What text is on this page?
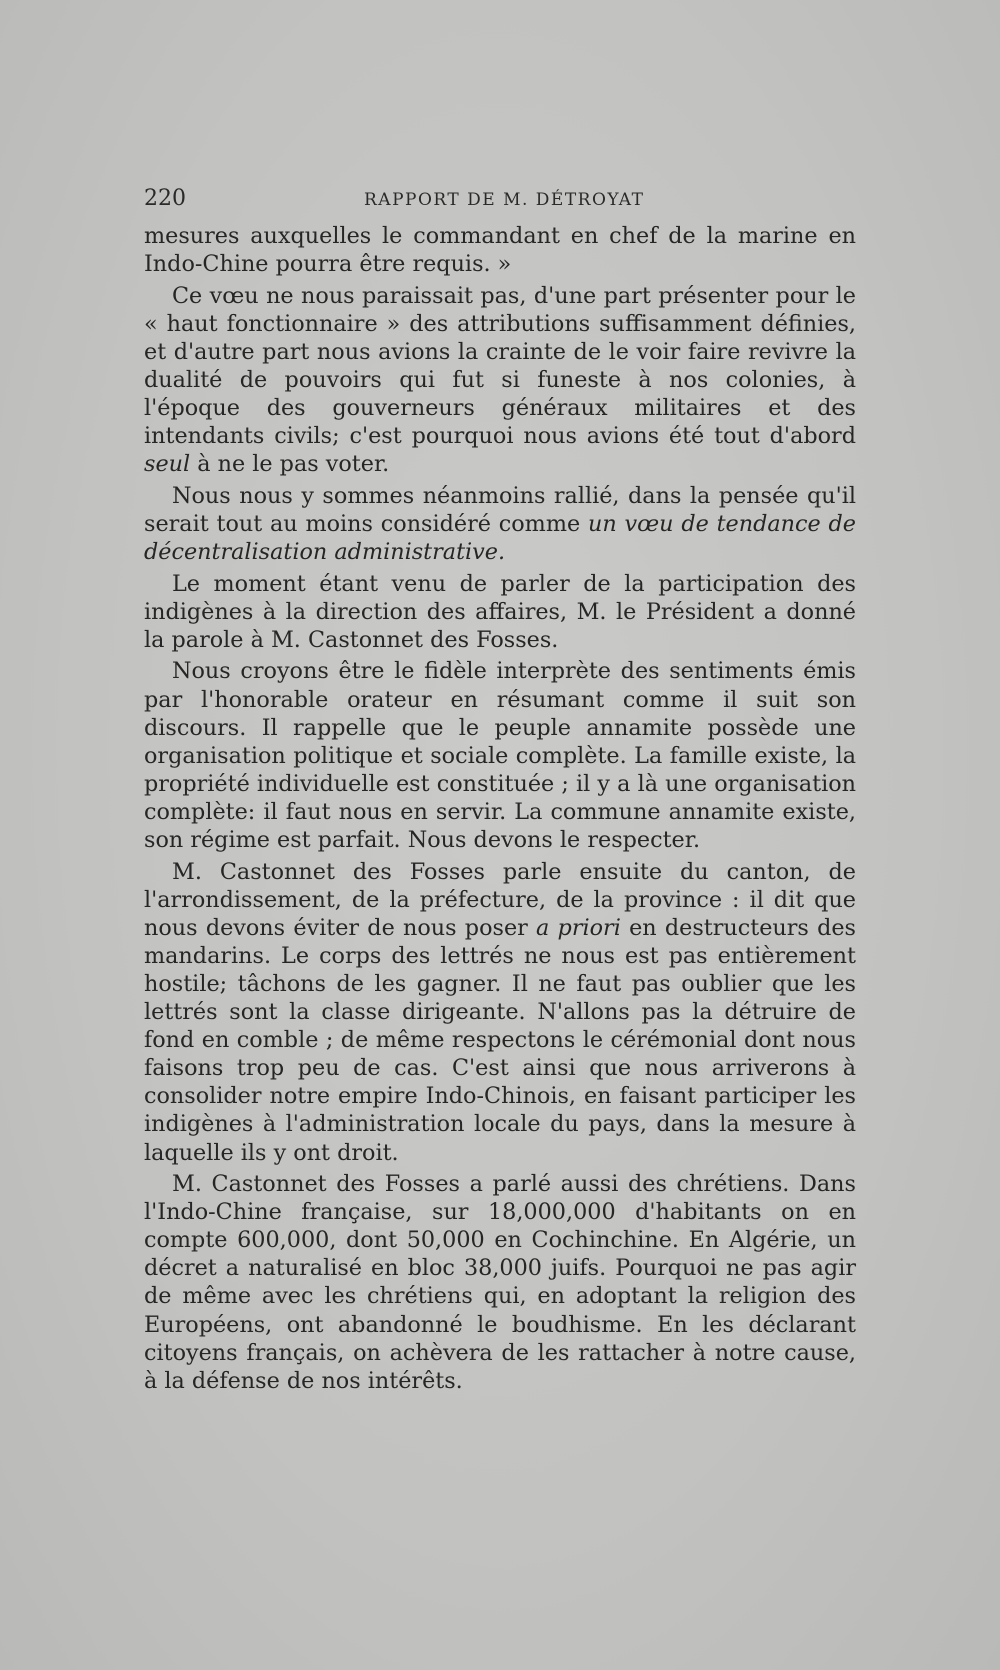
220	RAPPORT DE M. DÉTROYAT

mesures auxquelles le commandant en chef de la marine en Indo-Chine pourra être requis. »

Ce vœu ne nous paraissait pas, d'une part présenter pour le « haut fonctionnaire » des attributions suffisamment définies, et d'autre part nous avions la crainte de le voir faire revivre la dualité de pouvoirs qui fut si funeste à nos colonies, à l'époque des gouverneurs généraux militaires et des intendants civils; c'est pourquoi nous avions été tout d'abord seul à ne le pas voter.

Nous nous y sommes néanmoins rallié, dans la pensée qu'il serait tout au moins considéré comme un vœu de tendance de décentralisation administrative.

Le moment étant venu de parler de la participation des indigènes à la direction des affaires, M. le Président a donné la parole à M. Castonnet des Fosses.

Nous croyons être le fidèle interprète des sentiments émis par l'honorable orateur en résumant comme il suit son discours. Il rappelle que le peuple annamite possède une organisation politique et sociale complète. La famille existe, la propriété individuelle est constituée ; il y a là une organisation complète: il faut nous en servir. La commune annamite existe, son régime est parfait. Nous devons le respecter.

M. Castonnet des Fosses parle ensuite du canton, de l'arrondissement, de la préfecture, de la province : il dit que nous devons éviter de nous poser a priori en destructeurs des mandarins. Le corps des lettrés ne nous est pas entièrement hostile; tâchons de les gagner. Il ne faut pas oublier que les lettrés sont la classe dirigeante. N'allons pas la détruire de fond en comble ; de même respectons le cérémonial dont nous faisons trop peu de cas. C'est ainsi que nous arriverons à consolider notre empire Indo-Chinois, en faisant participer les indigènes à l'administration locale du pays, dans la mesure à laquelle ils y ont droit.

M. Castonnet des Fosses a parlé aussi des chrétiens. Dans l'Indo-Chine française, sur 18,000,000 d'habitants on en compte 600,000, dont 50,000 en Cochinchine. En Algérie, un décret a naturalisé en bloc 38,000 juifs. Pourquoi ne pas agir de même avec les chrétiens qui, en adoptant la religion des Européens, ont abandonné le boudhisme. En les déclarant citoyens français, on achèvera de les rattacher à notre cause, à la défense de nos intérêts.
